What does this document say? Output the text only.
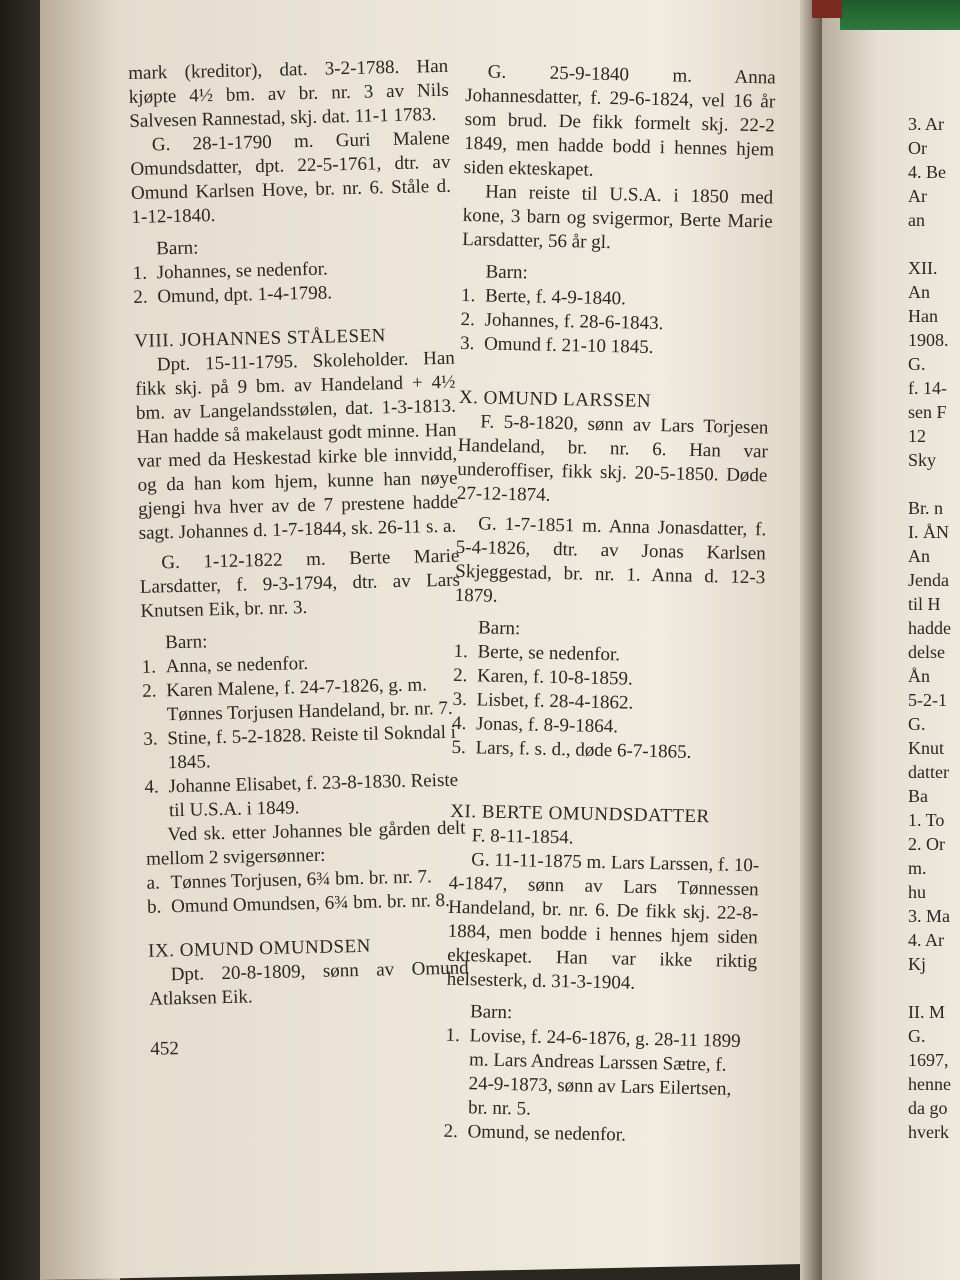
mark (kreditor), dat. 3-2-1788. Han kjøpte 4½ bm. av br. nr. 3 av Nils Salvesen Rannestad, skj. dat. 11-1 1783.

G. 28-1-1790 m. Guri Malene Omundsdatter, dpt. 22-5-1761, dtr. av Omund Karlsen Hove, br. nr. 6. Ståle d. 1-12-1840.

Barn:

1. Johannes, se nedenfor.
2. Omund, dpt. 1-4-1798.

VIII. JOHANNES STÅLESEN

Dpt. 15-11-1795. Skoleholder. Han fikk skj. på 9 bm. av Handeland + 4½ bm. av Langelandsstølen, dat. 1-3-1813. Han hadde så makelaust godt minne. Han var med da Heskestad kirke ble innvidd, og da han kom hjem, kunne han nøye gjengi hva hver av de 7 prestene hadde sagt. Johannes d. 1-7-1844, sk. 26-11 s. a.

G. 1-12-1822 m. Berte Marie Larsdatter, f. 9-3-1794, dtr. av Lars Knutsen Eik, br. nr. 3.

Barn:

1. Anna, se nedenfor.
2. Karen Malene, f. 24-7-1826, g. m. Tønnes Torjusen Handeland, br. nr. 7.
3. Stine, f. 5-2-1828. Reiste til Sokndal i 1845.
4. Johanne Elisabet, f. 23-8-1830. Reiste til U.S.A. i 1849.

Ved sk. etter Johannes ble gården delt mellom 2 svigersønner:

a. Tønnes Torjusen, 6¾ bm. br. nr. 7.
b. Omund Omundsen, 6¾ bm. br. nr. 8.

IX. OMUND OMUNDSEN

Dpt. 20-8-1809, sønn av Omund Atlaksen Eik.

452

G. 25-9-1840 m. Anna Johannesdatter, f. 29-6-1824, vel 16 år som brud. De fikk formelt skj. 22-2 1849, men hadde bodd i hennes hjem siden ekteskapet.

Han reiste til U.S.A. i 1850 med kone, 3 barn og svigermor, Berte Marie Larsdatter, 56 år gl.

Barn:

1. Berte, f. 4-9-1840.
2. Johannes, f. 28-6-1843.
3. Omund f. 21-10 1845.

X. OMUND LARSSEN

F. 5-8-1820, sønn av Lars Torjesen Handeland, br. nr. 6. Han var underoffiser, fikk skj. 20-5-1850. Døde 27-12-1874.

G. 1-7-1851 m. Anna Jonasdatter, f. 5-4-1826, dtr. av Jonas Karlsen Skjeggestad, br. nr. 1. Anna d. 12-3 1879.

Barn:

1. Berte, se nedenfor.
2. Karen, f. 10-8-1859.
3. Lisbet, f. 28-4-1862.
4. Jonas, f. 8-9-1864.
5. Lars, f. s. d., døde 6-7-1865.

XI. BERTE OMUNDSDATTER

F. 8-11-1854.

G. 11-11-1875 m. Lars Larssen, f. 10-4-1847, sønn av Lars Tønnessen Handeland, br. nr. 6. De fikk skj. 22-8-1884, men bodde i hennes hjem siden ekteskapet. Han var ikke riktig helsesterk, d. 31-3-1904.

Barn:

1. Lovise, f. 24-6-1876, g. 28-11 1899 m. Lars Andreas Larssen Sætre, f. 24-9-1873, sønn av Lars Eilertsen, br. nr. 5.
2. Omund, se nedenfor.

3. Ar

Or

4. Be

Ar

an

XII.

An

Han

1908.

G.

f. 14-

sen F

12

Sky

Br. n

I. ÅN

An

Jenda

til H

hadde

delse

Ån

5-2-1

G.

Knut

datter

Ba

1. To

2. Or

m.

hu

3. Ma

4. Ar

Kj

II. M

G.

1697,

henne

da go

hverk
